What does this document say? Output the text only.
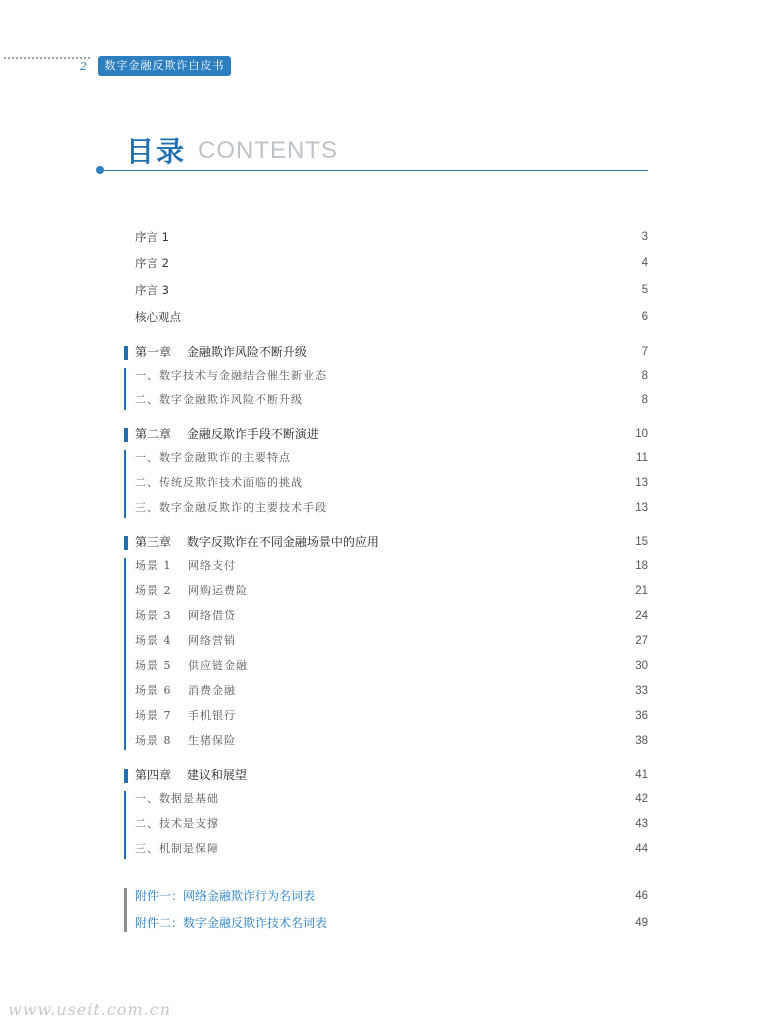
2	数字金融反欺诈白皮书
目录 CONTENTS
序言 1	3
序言 2	4
序言 3	5
核心观点	6
第一章　 金融欺诈风险不断升级	7
一、数字技术与金融结合催生新业态	8
二、数字金融欺诈风险不断升级	8
第二章　 金融反欺诈手段不断演进	10
一、数字金融欺诈的主要特点	11
二、传统反欺诈技术面临的挑战	13
三、数字金融反欺诈的主要技术手段	13
第三章　 数字反欺诈在不同金融场景中的应用	15
场景 1　 网络支付	18
场景 2　 网购运费险	21
场景 3　 网络借贷	24
场景 4　 网络营销	27
场景 5　 供应链金融	30
场景 6　 消费金融	33
场景 7　 手机银行	36
场景 8　 生猪保险	38
第四章　 建议和展望	41
一、数据是基础	42
二、技术是支撑	43
三、机制是保障	44
附件一：网络金融欺诈行为名词表	46
附件二：数字金融反欺诈技术名词表	49
www.useit.com.cn
